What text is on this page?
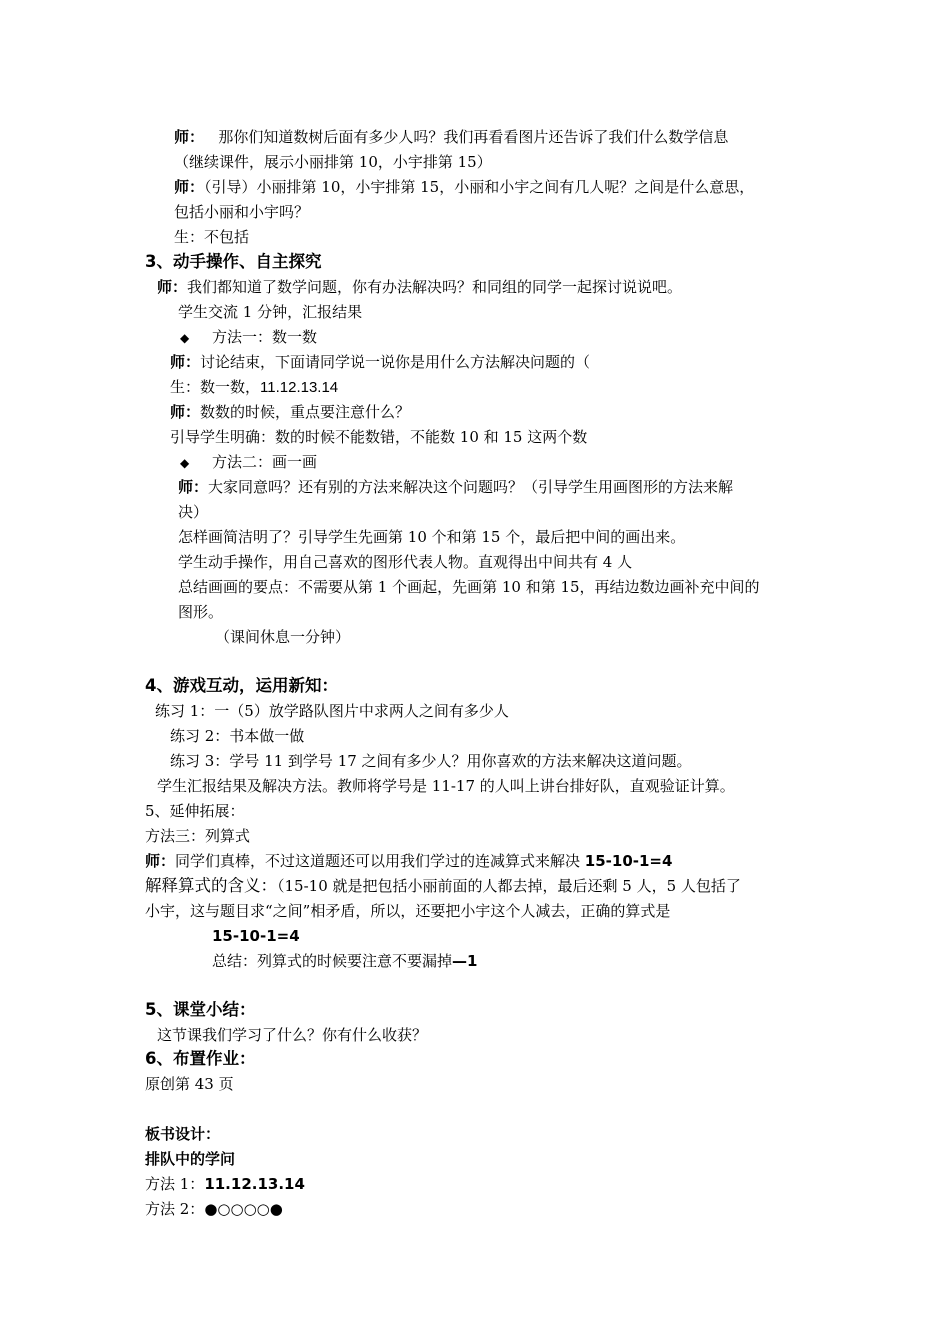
师： 那你们知道数树后面有多少人吗？我们再看看图片还告诉了我们什么数学信息
（继续课件，展示小丽排第 10，小宇排第 15）
师：（引导）小丽排第 10，小宇排第 15，小丽和小宇之间有几人呢？之间是什么意思，
包括小丽和小宇吗？
生：不包括
3、动手操作、自主探究
师：我们都知道了数学问题，你有办法解决吗？和同组的同学一起探讨说说吧。
学生交流 1 分钟，汇报结果
◆ 方法一：数一数
师：讨论结束，下面请同学说一说你是用什么方法解决问题的（
生：数一数，11.12.13.14
师：数数的时候，重点要注意什么？
引导学生明确：数的时候不能数错，不能数 10 和 15 这两个数
◆ 方法二：画一画
师：大家同意吗？还有别的方法来解决这个问题吗？（引导学生用画图形的方法来解
决）
怎样画简洁明了？引导学生先画第 10 个和第 15 个，最后把中间的画出来。
学生动手操作，用自己喜欢的图形代表人物。直观得出中间共有 4 人
总结画画的要点：不需要从第 1 个画起，先画第 10 和第 15，再结边数边画补充中间的
图形。
（课间休息一分钟）
4、游戏互动，运用新知：
练习 1：一（5）放学路队图片中求两人之间有多少人
练习 2：书本做一做
练习 3：学号 11 到学号 17 之间有多少人？用你喜欢的方法来解决这道问题。
学生汇报结果及解决方法。教师将学号是 11-17 的人叫上讲台排好队，直观验证计算。
5、延伸拓展：
方法三：列算式
师：同学们真棒，不过这道题还可以用我们学过的连减算式来解决 15-10-1=4
解释算式的含义：（15-10 就是把包括小丽前面的人都去掉，最后还剩 5 人，5 人包括了
小宇，这与题目求“之间”相矛盾，所以，还要把小宇这个人减去，正确的算式是
15-10-1=4
总结：列算式的时候要注意不要漏掉—1
5、课堂小结：
这节课我们学习了什么？你有什么收获？
6、布置作业：
原创第 43 页
板书设计：
排队中的学问
方法 1：11.12.13.14
方法 2：●○○○○●
